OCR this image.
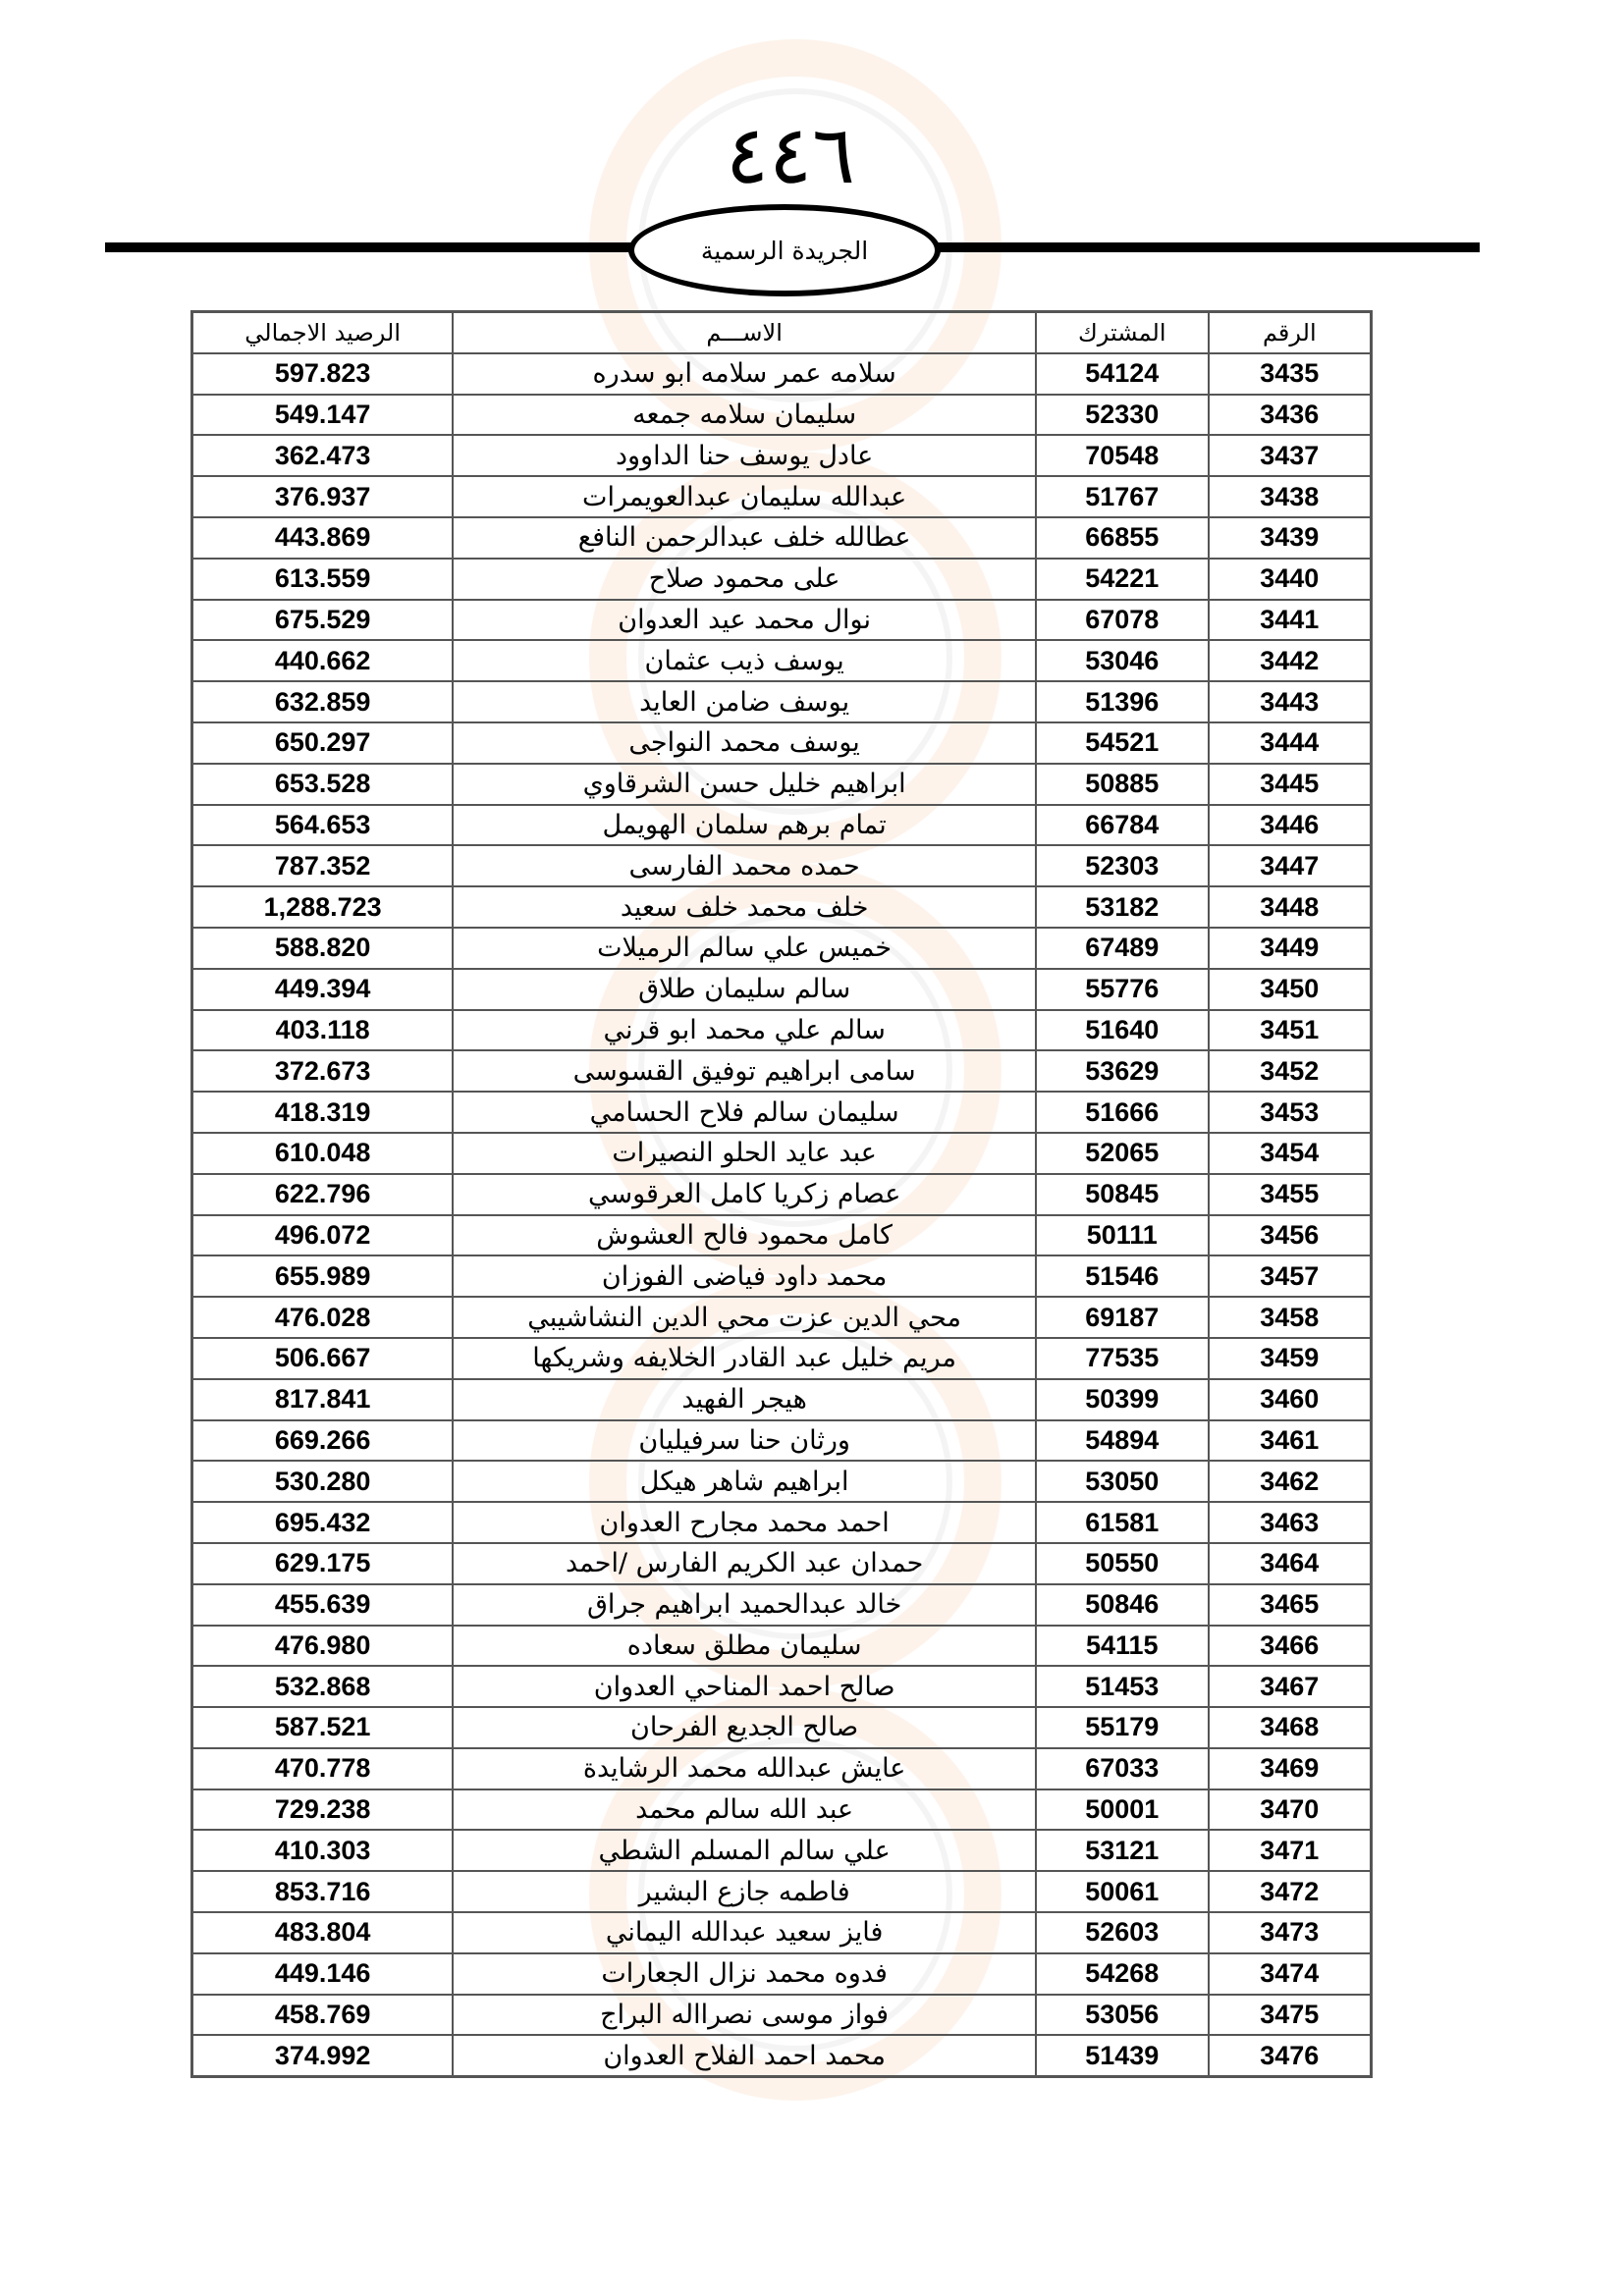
٤٤٦
الجريدة الرسمية
الرقم	المشترك	الاســـم	الرصيد الاجمالي
3435	54124	سلامه عمر سلامه ابو سدره	597.823
3436	52330	سليمان سلامه جمعه	549.147
3437	70548	عادل يوسف حنا الداوود	362.473
3438	51767	عبدالله سليمان عبدالعويمرات	376.937
3439	66855	عطالله خلف عبدالرحمن النافع	443.869
3440	54221	على محمود صلاح	613.559
3441	67078	نوال محمد عيد العدوان	675.529
3442	53046	يوسف ذيب عثمان	440.662
3443	51396	يوسف ضامن العايد	632.859
3444	54521	يوسف محمد النواجى	650.297
3445	50885	ابراهيم خليل حسن الشرقاوي	653.528
3446	66784	تمام برهم سلمان الهويمل	564.653
3447	52303	حمده محمد الفارسى	787.352
3448	53182	خلف محمد خلف سعيد	1,288.723
3449	67489	خميس علي سالم الرميلات	588.820
3450	55776	سالم سليمان طلاق	449.394
3451	51640	سالم علي محمد ابو قرني	403.118
3452	53629	سامى ابراهيم توفيق القسوسى	372.673
3453	51666	سليمان سالم فلاح الحسامي	418.319
3454	52065	عبد عايد الحلو النصيرات	610.048
3455	50845	عصام زكريا كامل العرقوسي	622.796
3456	50111	كامل محمود فالح العشوش	496.072
3457	51546	محمد داود فياضى الفوزان	655.989
3458	69187	محي الدين عزت محي الدين النشاشيبي	476.028
3459	77535	مريم خليل عبد القادر الخلايفه وشريكها	506.667
3460	50399	هيجر الفهيد	817.841
3461	54894	ورثان حنا سرفيليان	669.266
3462	53050	ابراهيم شاهر هيكل	530.280
3463	61581	احمد محمد مجارح العدوان	695.432
3464	50550	حمدان عبد الكريم الفارس /احمد	629.175
3465	50846	خالد عبدالحميد ابراهيم جراق	455.639
3466	54115	سليمان مطلق سعاده	476.980
3467	51453	صالح احمد المناحي العدوان	532.868
3468	55179	صالح الجديع الفرحان	587.521
3469	67033	عايش عبدالله محمد الرشايدة	470.778
3470	50001	عبد الله سالم محمد	729.238
3471	53121	علي سالم المسلم الشطي	410.303
3472	50061	فاطمه جازع البشير	853.716
3473	52603	فايز سعيد عبدالله اليماني	483.804
3474	54268	فدوه محمد نزال الجعارات	449.146
3475	53056	فواز موسى نصرااله البراج	458.769
3476	51439	محمد احمد الفلاح العدوان	374.992
